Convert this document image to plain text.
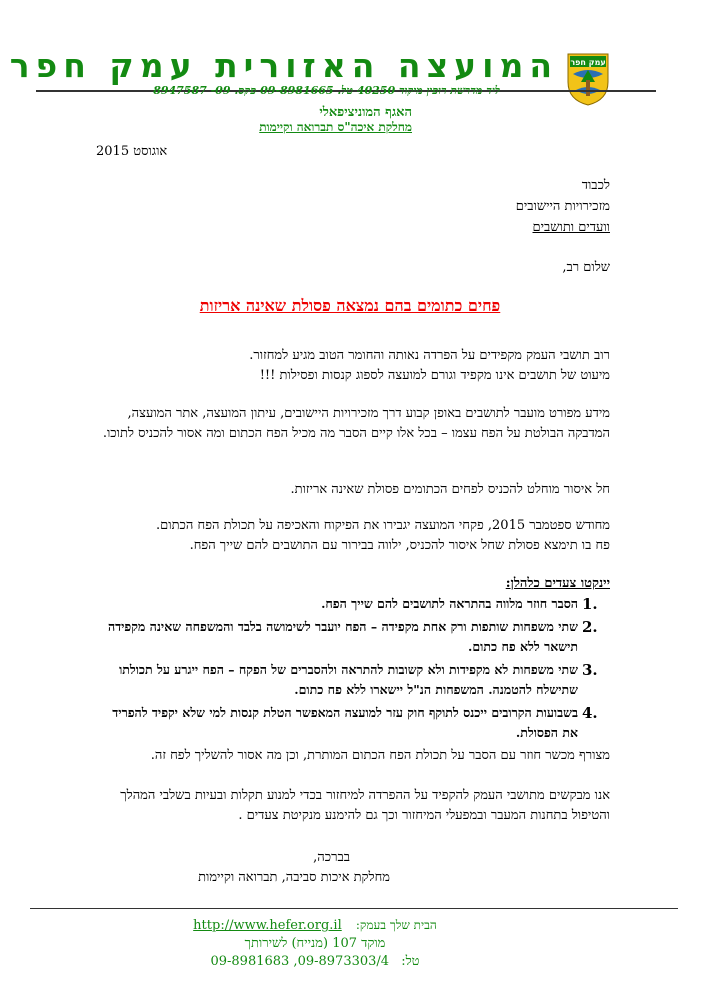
עמק חפר
המועצה האזורית עמק חפר
ליד מדרשת רופין מיקוד 40250 טל. 09-8981665 פקס. 09- 8947587
האגף המוניציפאלי
מחלקת איכה"ס תברואה וקיימות
אוגוסט 2015
לכבוד
מזכירויות היישובים
וועדים ותושבים
שלום רב,
פחים כתומים בהם נמצאה פסולת שאינה אריזות
רוב תושבי העמק מקפידים על הפרדה נאותה והחומר הטוב מגיע למחזור.
מיעוט של תושבים אינו מקפיד וגורם למועצה לספוג קנסות ופסילות !!!
מידע מפורט מועבר לתושבים באופן קבוע דרך מזכירויות היישובים, עיתון המועצה, אתר המועצה, המדבקה הבולטת על הפח עצמו – בכל אלו קיים הסבר מה מכיל הפח הכתום ומה אסור להכניס לתוכו.
חל איסור מוחלט להכניס לפחים הכתומים פסולת שאינה אריזות.
מחודש ספטמבר 2015, פקחי המועצה יגבירו את הפיקוח והאכיפה על תכולת הפח הכתום.
פח בו תימצא פסולת שחל איסור להכניס, ילווה בבירור עם התושבים להם שייך הפח.
יינקטו צעדים כלהלן:
1.
הסבר חוזר מלווה בהתראה לתושבים להם שייך הפח.
2.
שתי משפחות שותפות ורק אחת מקפידה – הפח יועבר לשימושה בלבד והמשפחה שאינה מקפידה תישאר ללא פח כתום.
3.
שתי משפחות לא מקפידות ולא קשובות להתראה ולהסברים של הפקח – הפח ייגרע על תכולתו שתישלח להטמנה. המשפחות הנ"ל יישארו ללא פח כתום.
4.
בשבועות הקרובים ייכנס לתוקף חוק עזר למועצה המאפשר הטלת קנסות למי שלא יקפיד להפריד את הפסולת.
מצורף מכשר חוזר עם הסבר על תכולת הפח הכתום המותרת, וכן מה אסור להשליך לפח זה.
אנו מבקשים מתושבי העמק להקפיד על ההפרדה למיחזור בכדי למנוע תקלות ובעיות בשלבי המהלך והטיפול בתחנות המעבר ובמפעלי המיחזור וכך גם להימנע מנקיטת צעדים .
בברכה,
מחלקת איכות סביבה, תברואה וקיימות
הבית שלך בעמק: http://www.hefer.org.il
מוקד 107 (מנייח) לשירותך
טל: 09-8981683 ,09-8973303/4
